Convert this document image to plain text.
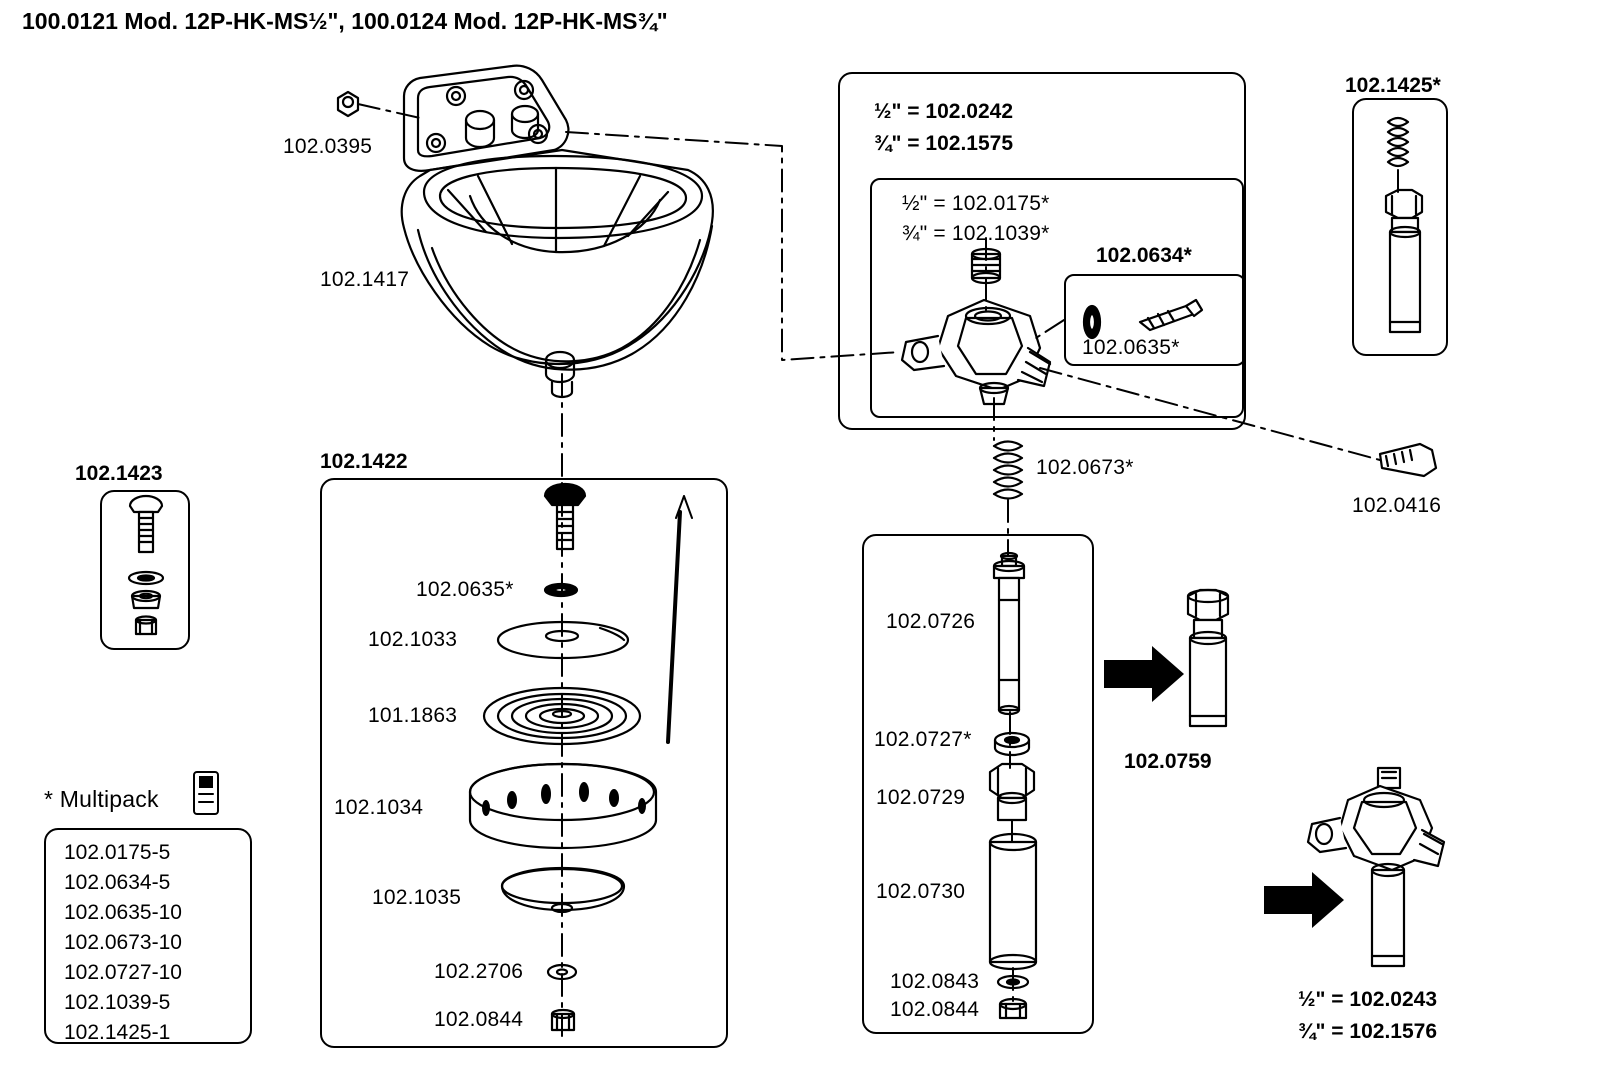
100.0121 Mod. 12P-HK-MS½", 100.0124 Mod. 12P-HK-MS¾"
102.0395
102.1417
102.1423
102.1422
102.1425*
½" = 102.0242
¾" = 102.1575
½" = 102.0175*
¾" = 102.1039*
102.0634*
102.0635*
102.0416
102.0673*
102.0635*
102.1033
101.1863
102.1034
102.1035
102.2706
102.0844
102.0726
102.0727*
102.0729
102.0730
102.0843
102.0844
102.0759
½" = 102.0243
¾" = 102.1576
* Multipack
102.0175-5
102.0634-5
102.0635-10
102.0673-10
102.0727-10
102.1039-5
102.1425-1
